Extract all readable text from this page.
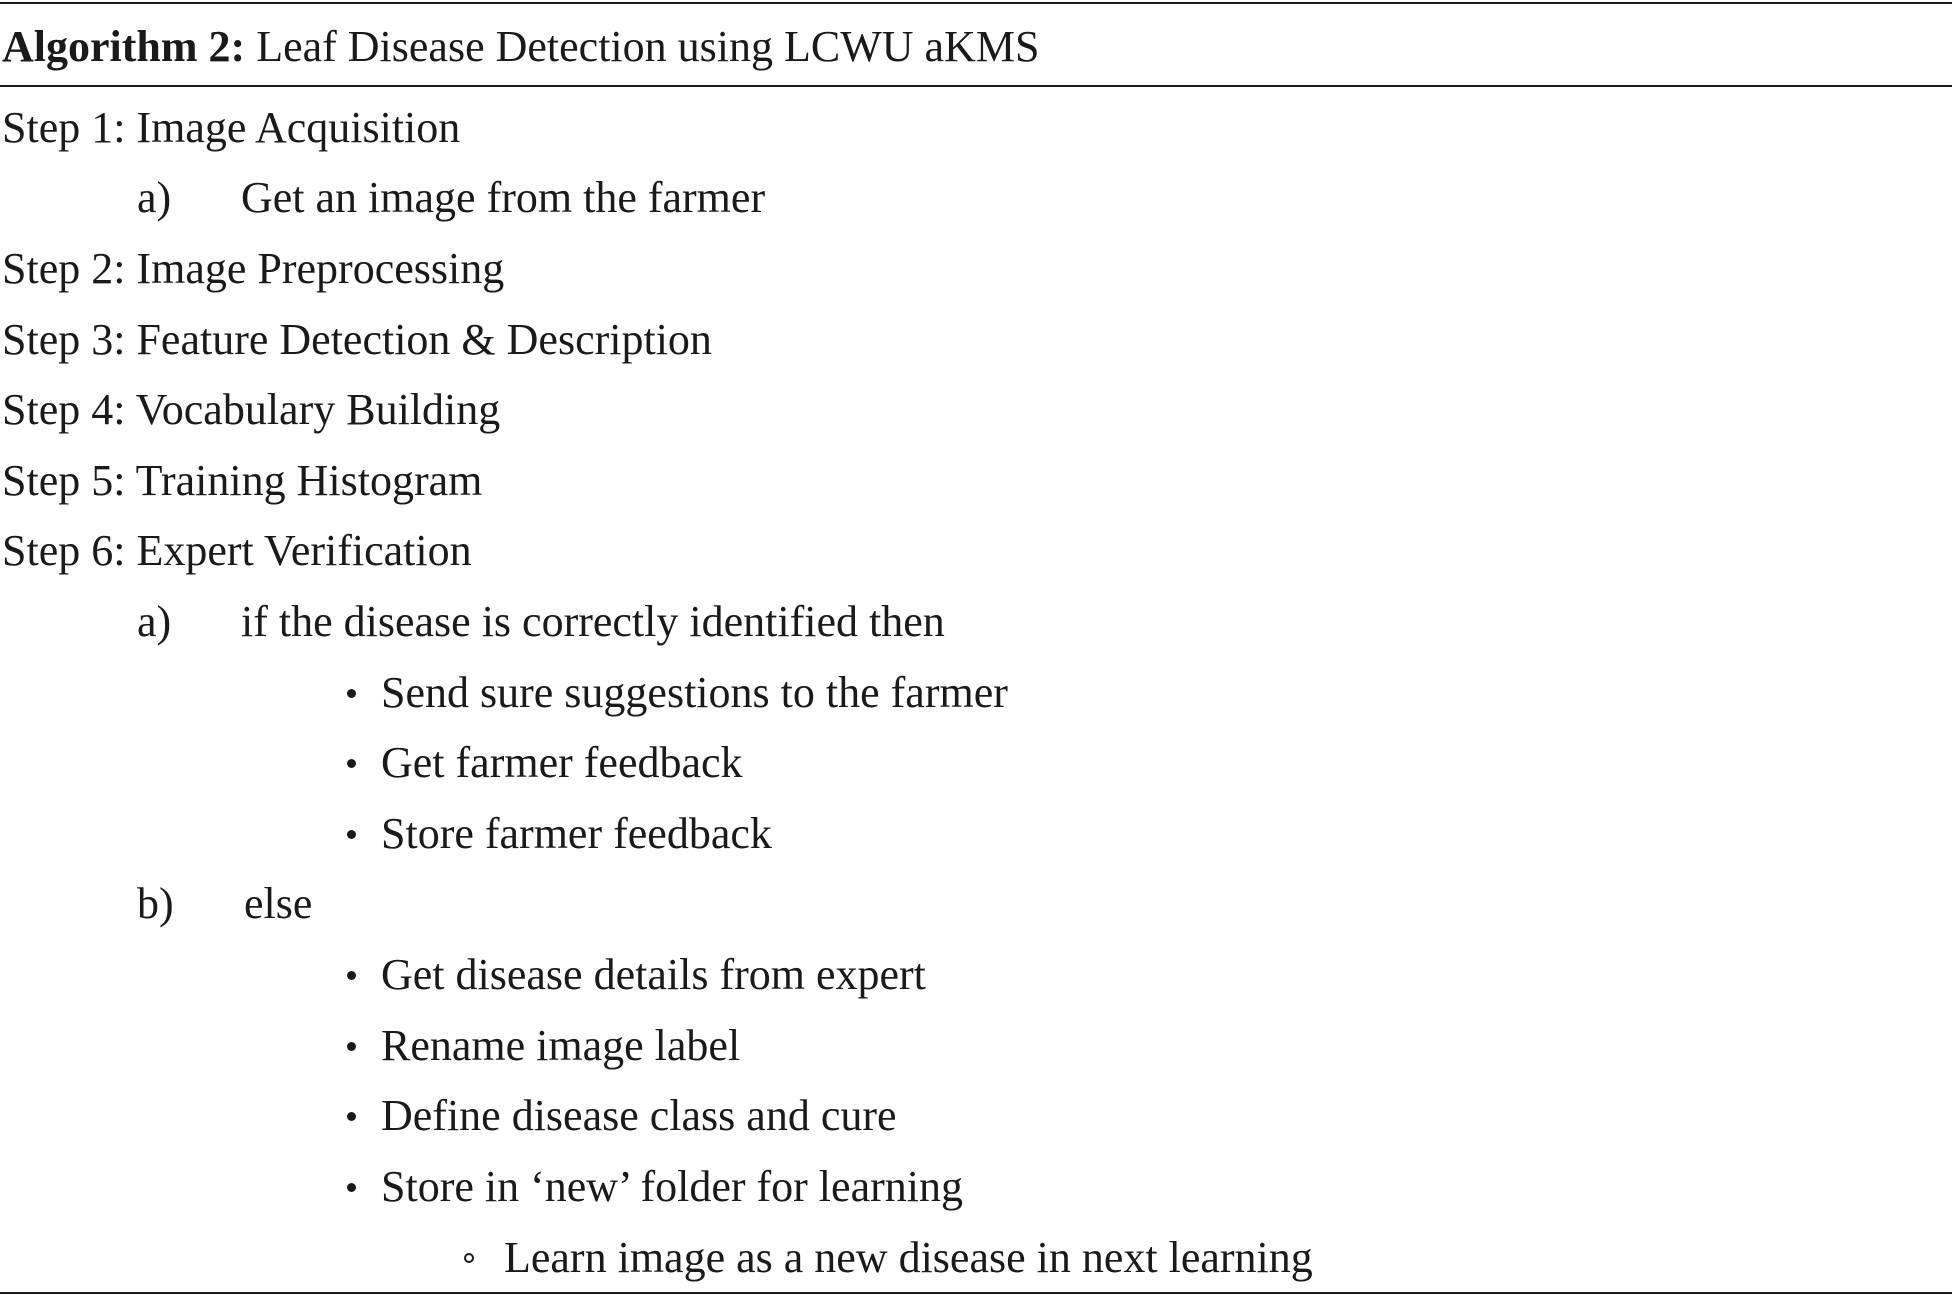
Algorithm 2: Leaf Disease Detection using LCWU aKMS
Step 1: Image Acquisition
a) Get an image from the farmer
Step 2: Image Preprocessing
Step 3: Feature Detection & Description
Step 4: Vocabulary Building
Step 5: Training Histogram
Step 6: Expert Verification
a) if the disease is correctly identified then
Send sure suggestions to the farmer
Get farmer feedback
Store farmer feedback
b) else
Get disease details from expert
Rename image label
Define disease class and cure
Store in ‘new’ folder for learning
Learn image as a new disease in next learning
